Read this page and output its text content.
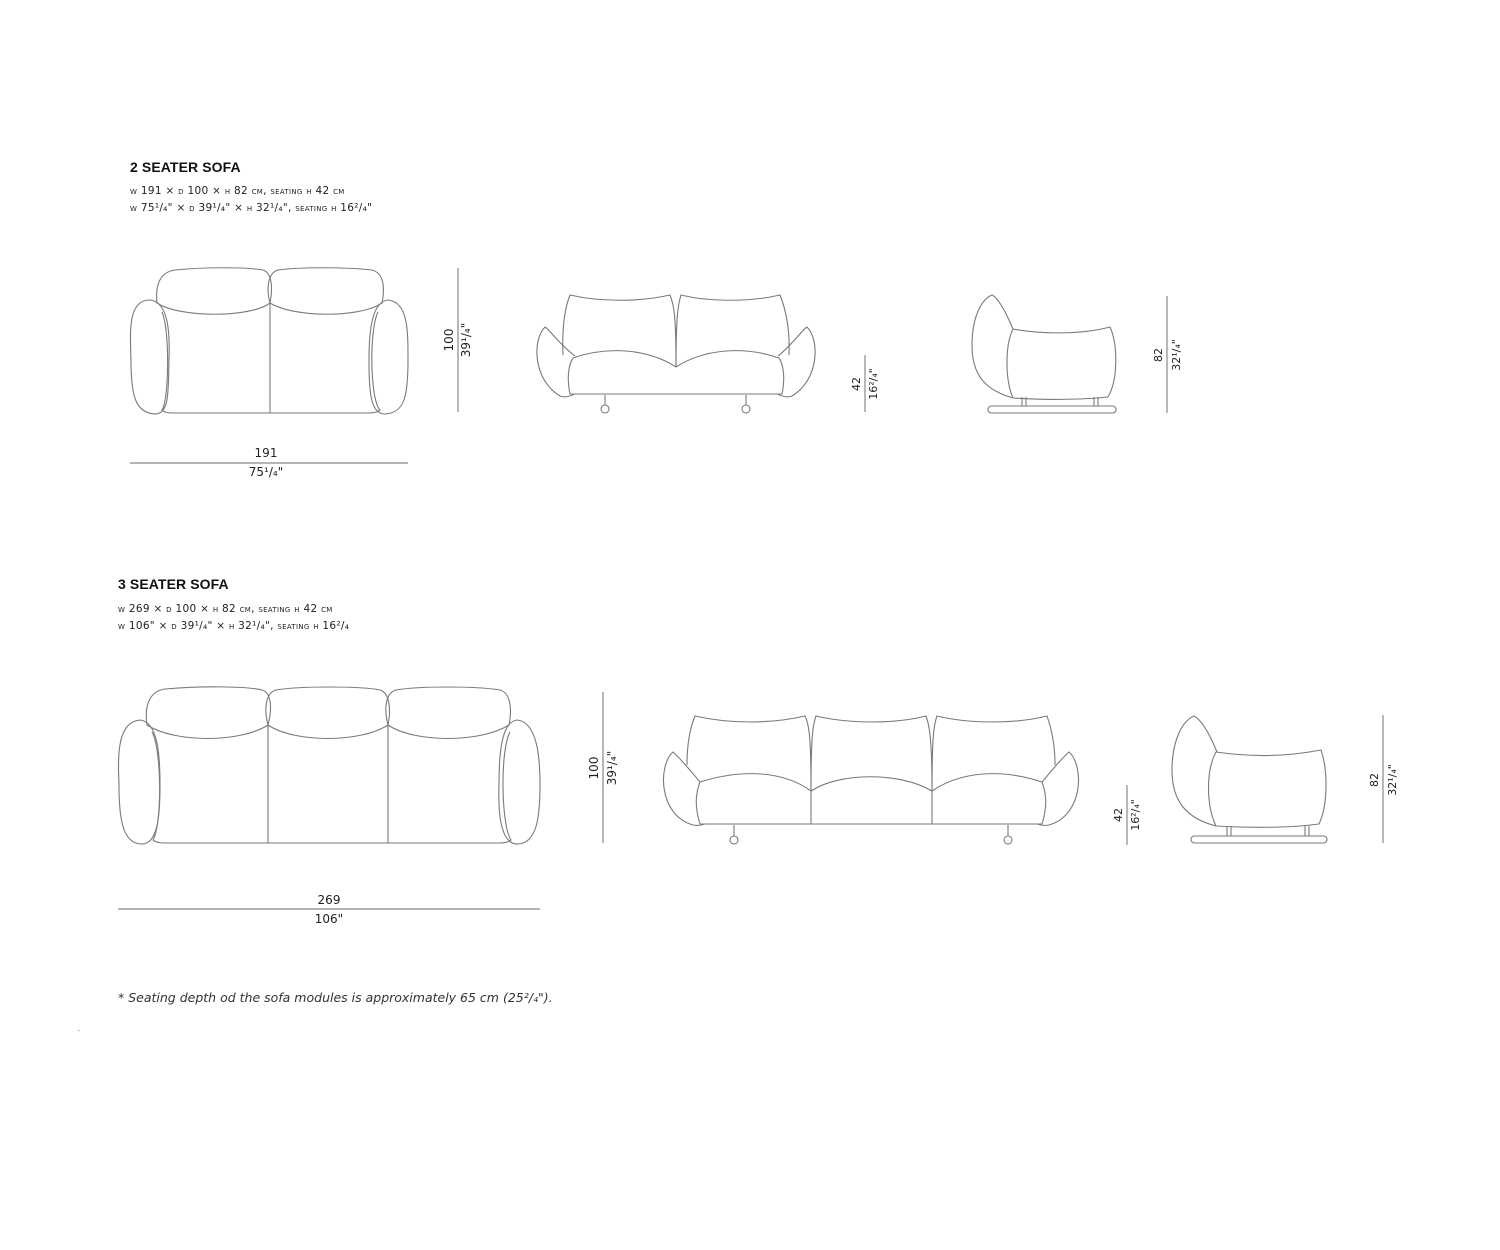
2 SEATER SOFA
w 191 × d 100 × h 82 cm, seating h 42 cm
w 75¹/₄" × d 39¹/₄" × h 32¹/₄", seating h 16²/₄"
3 SEATER SOFA
w 269 × d 100 × h 82 cm, seating h 42 cm
w 106" × d 39¹/₄" × h 32¹/₄", seating h 16²/₄
191
75¹/₄"
100 39¹/₄"
42 16²/₄"
82 32¹/₄"
269
106"
100 39¹/₄"
42 16²/₄"
82 32¹/₄"
* Seating depth od the sofa modules is approximately 65 cm (25²/₄").
